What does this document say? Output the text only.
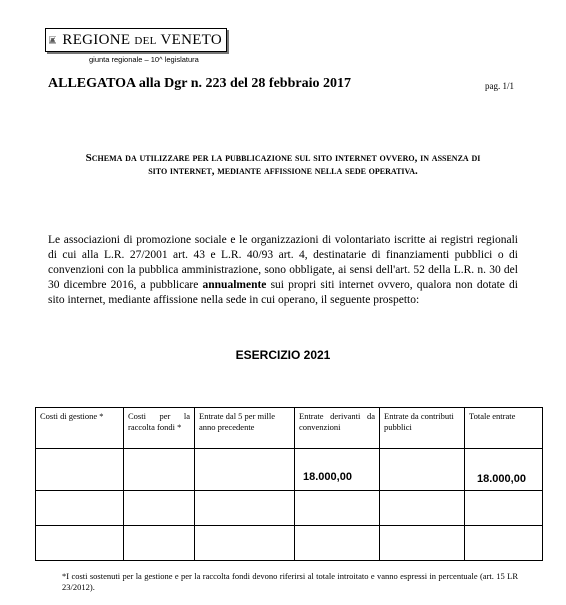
REGIONE DEL VENETO
giunta regionale – 10^ legislatura
ALLEGATOA alla Dgr n. 223 del 28 febbraio 2017	pag. 1/1
Schema da utilizzare per la pubblicazione sul sito internet ovvero, in assenza di
sito internet, mediante affissione nella sede operativa.
Le associazioni di promozione sociale e le organizzazioni di volontariato iscritte ai registri regionali di cui alla L.R. 27/2001 art. 43 e L.R. 40/93 art. 4, destinatarie di finanziamenti pubblici o di convenzioni con la pubblica amministrazione, sono obbligate, ai sensi dell'art. 52 della L.R. n. 30 del 30 dicembre 2016, a pubblicare annualmente sui propri siti internet ovvero, qualora non dotate di sito internet, mediante affissione nella sede in cui operano, il seguente prospetto:
ESERCIZIO 2021
Costi di gestione *	Costi per la raccolta fondi *	Entrate dal 5 per mille anno precedente	Entrate derivanti da convenzioni	Entrate da contributi pubblici	Totale entrate
			18.000,00		18.000,00

*I costi sostenuti per la gestione e per la raccolta fondi devono riferirsi al totale introitato e vanno espressi in percentuale (art. 15 LR 23/2012).
